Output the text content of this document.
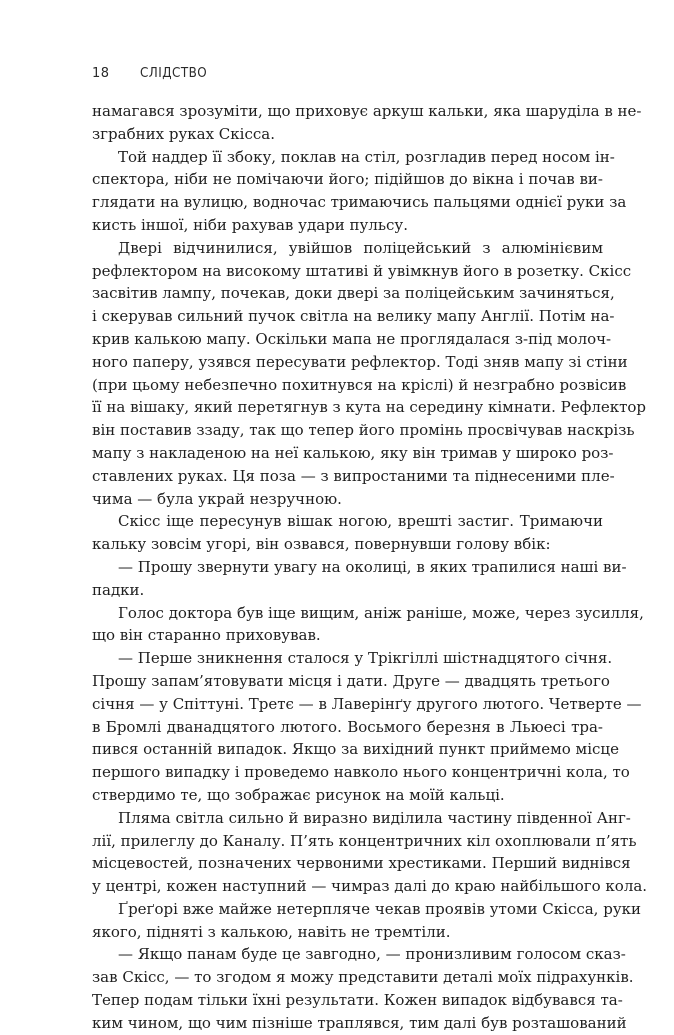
18 СЛІДСТВО

намагався зрозуміти, що приховує аркуш кальки, яка шаруділа в не-
зграбних руках Скісса.

Той наддер її збоку, поклав на стіл, розгладив перед носом ін-
спектора, ніби не помічаючи його; підійшов до вікна і почав ви-
глядати на вулицю, водночас тримаючись пальцями однієї руки за
кисть іншої, ніби рахував удари пульсу.

Двері відчинилися, увійшов поліцейський з алюмінієвим
рефлектором на високому штативі й увімкнув його в розетку. Скісс
засвітив лампу, почекав, доки двері за поліцейським зачиняться,
і скерував сильний пучок світла на велику мапу Англії. Потім на-
крив калькою мапу. Оскільки мапа не проглядалася з-під молоч-
ного паперу, узявся пересувати рефлектор. Тоді зняв мапу зі стіни
(при цьому небезпечно похитнувся на кріслі) й незграбно розвісив
її на вішаку, який перетягнув з кута на середину кімнати. Рефлектор
він поставив ззаду, так що тепер його промінь просвічував наскрізь
мапу з накладеною на неї калькою, яку він тримав у широко роз-
ставлених руках. Ця поза — з випростаними та піднесеними пле-
чима — була украй незручною.

Скісс іще пересунув вішак ногою, врешті застиг. Тримаючи
кальку зовсім угорі, він озвався, повернувши голову вбік:

— Прошу звернути увагу на околиці, в яких трапилися наші ви-
падки.

Голос доктора був іще вищим, аніж раніше, може, через зусилля,
що він старанно приховував.

— Перше зникнення сталося у Трікгіллі шістнадцятого січня.
Прошу запам’ятовувати місця і дати. Друге — двадцять третього
січня — у Спіттуні. Третє — в Лаверінґу другого лютого. Четверте —
в Бромлі дванадцятого лютого. Восьмого березня в Льюесі тра-
пився останній випадок. Якщо за вихідний пункт приймемо місце
першого випадку і проведемо навколо нього концентричні кола, то
ствердимо те, що зображає рисунок на моїй кальці.

Пляма світла сильно й виразно виділила частину південної Анг-
лії, прилеглу до Каналу. П’ять концентричних кіл охоплювали п’ять
місцевостей, позначених червоними хрестиками. Перший виднівся
у центрі, кожен наступний — чимраз далі до краю найбільшого кола.

Ґреґорі вже майже нетерпляче чекав проявів утоми Скісса, руки
якого, підняті з калькою, навіть не тремтіли.

— Якщо панам буде це завгодно, — пронизливим голосом сказ-
зав Скісс, — то згодом я можу представити деталі моїх підрахунків.
Тепер подам тільки їхні результати. Кожен випадок відбувався та-
ким чином, що чим пізніше траплявся, тим далі був розташований
